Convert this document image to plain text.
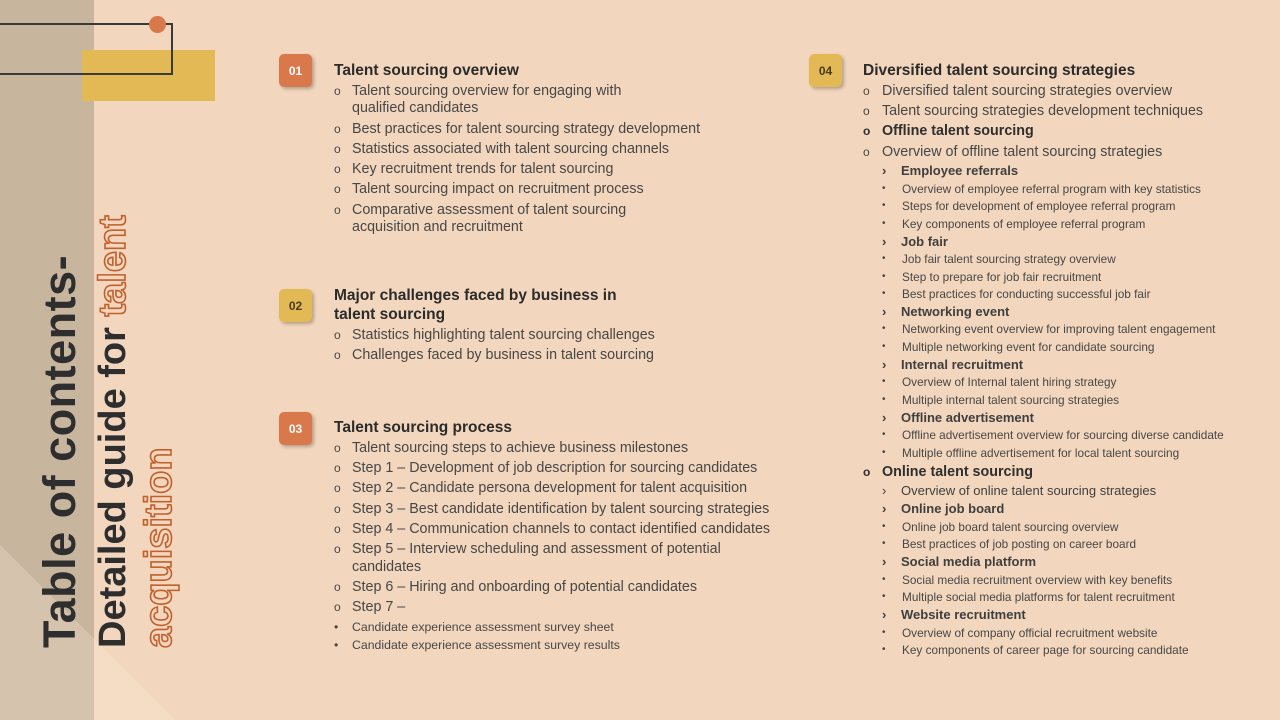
Table of contents- Detailed guide for talent
acquisition
01	Talent sourcing overview
o Talent sourcing overview for engaging with
qualified candidates
o Best practices for talent sourcing strategy development
o Statistics associated with talent sourcing channels
o Key recruitment trends for talent sourcing
o Talent sourcing impact on recruitment process
o Comparative assessment of talent sourcing
acquisition and recruitment
02
Major challenges faced by business in
talent sourcing
o Statistics highlighting talent sourcing challenges
o Challenges faced by business in talent sourcing
03	Talent sourcing process
o Talent sourcing steps to achieve business milestones
o Step 1 – Development of job description for sourcing candidates
o Step 2 – Candidate persona development for talent acquisition
o Step 3 – Best candidate identification by talent sourcing strategies
o Step 4 – Communication channels to contact identified candidates
o Step 5 – Interview scheduling and assessment of potential
candidates
o Step 6 – Hiring and onboarding of potential candidates
o Step 7 –
• Candidate experience assessment survey sheet
• Candidate experience assessment survey results
04	Diversified talent sourcing strategies
o Diversified talent sourcing strategies overview
o Talent sourcing strategies development techniques
o Offline talent sourcing
o Overview of offline talent sourcing strategies
› Employee referrals
• Overview of employee referral program with key statistics
• Steps for development of employee referral program
• Key components of employee referral program
› Job fair
• Job fair talent sourcing strategy overview
• Step to prepare for job fair recruitment
• Best practices for conducting successful job fair
› Networking event
• Networking event overview for improving talent engagement
• Multiple networking event for candidate sourcing
› Internal recruitment
• Overview of Internal talent hiring strategy
• Multiple internal talent sourcing strategies
› Offline advertisement
• Offline advertisement overview for sourcing diverse candidate
• Multiple offline advertisement for local talent sourcing
o Online talent sourcing
› Overview of online talent sourcing strategies
› Online job board
• Online job board talent sourcing overview
• Best practices of job posting on career board
› Social media platform
• Social media recruitment overview with key benefits
• Multiple social media platforms for talent recruitment
› Website recruitment
• Overview of company official recruitment website
• Key components of career page for sourcing candidate
